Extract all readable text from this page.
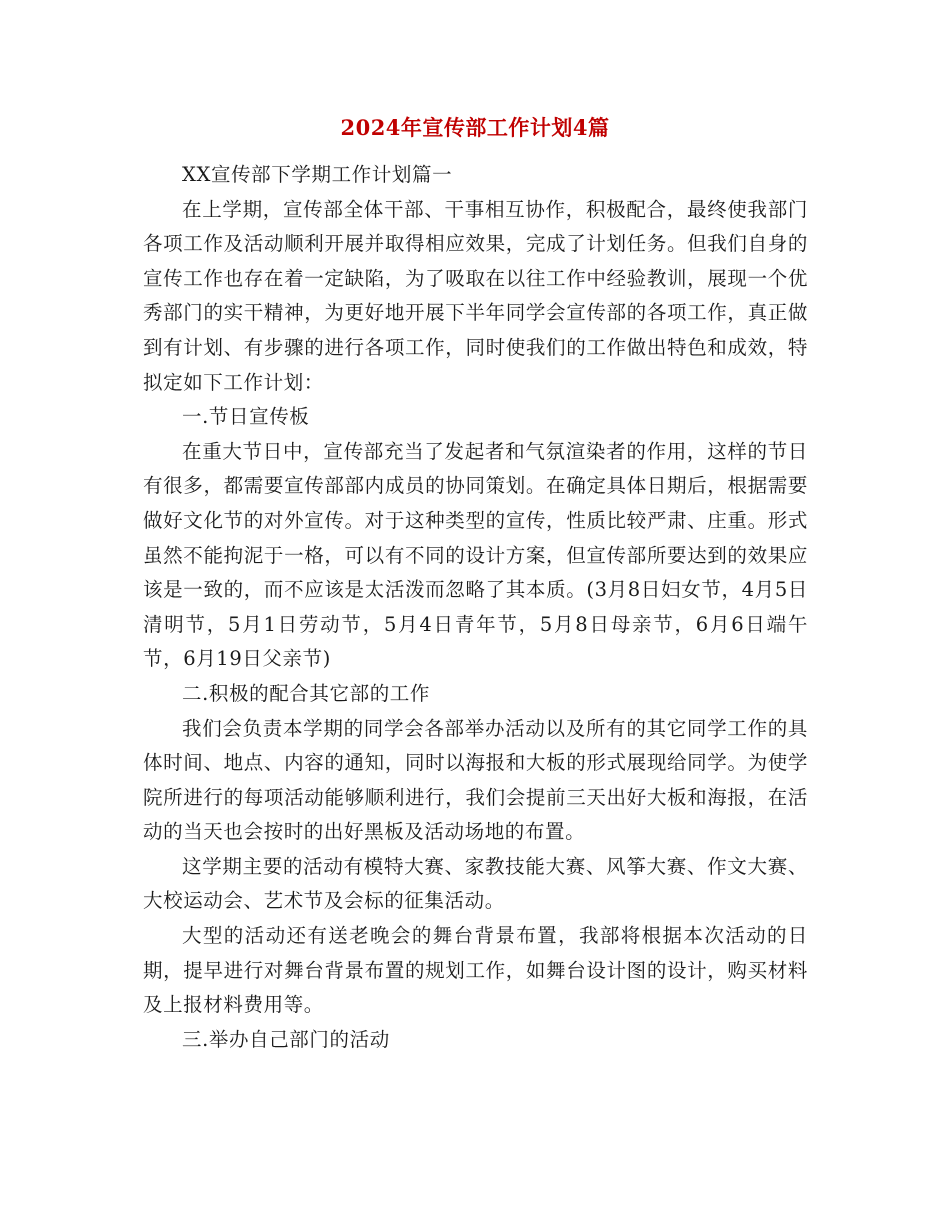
2024年宣传部工作计划4篇

XX宣传部下学期工作计划篇一

在上学期，宣传部全体干部、干事相互协作，积极配合，最终使我部门各项工作及活动顺利开展并取得相应效果，完成了计划任务。但我们自身的宣传工作也存在着一定缺陷，为了吸取在以往工作中经验教训，展现一个优秀部门的实干精神，为更好地开展下半年同学会宣传部的各项工作，真正做到有计划、有步骤的进行各项工作，同时使我们的工作做出特色和成效，特拟定如下工作计划：

一.节日宣传板

在重大节日中，宣传部充当了发起者和气氛渲染者的作用，这样的节日有很多，都需要宣传部部内成员的协同策划。在确定具体日期后，根据需要做好文化节的对外宣传。对于这种类型的宣传，性质比较严肃、庄重。形式虽然不能拘泥于一格，可以有不同的设计方案，但宣传部所要达到的效果应该是一致的，而不应该是太活泼而忽略了其本质。(3月8日妇女节，4月5日清明节，5月1日劳动节，5月4日青年节，5月8日母亲节，6月6日端午节，6月19日父亲节)

二.积极的配合其它部的工作

我们会负责本学期的同学会各部举办活动以及所有的其它同学工作的具体时间、地点、内容的通知，同时以海报和大板的形式展现给同学。为使学院所进行的每项活动能够顺利进行，我们会提前三天出好大板和海报，在活动的当天也会按时的出好黑板及活动场地的布置。

这学期主要的活动有模特大赛、家教技能大赛、风筝大赛、作文大赛、大校运动会、艺术节及会标的征集活动。

大型的活动还有送老晚会的舞台背景布置，我部将根据本次活动的日期，提早进行对舞台背景布置的规划工作，如舞台设计图的设计，购买材料及上报材料费用等。

三.举办自己部门的活动
